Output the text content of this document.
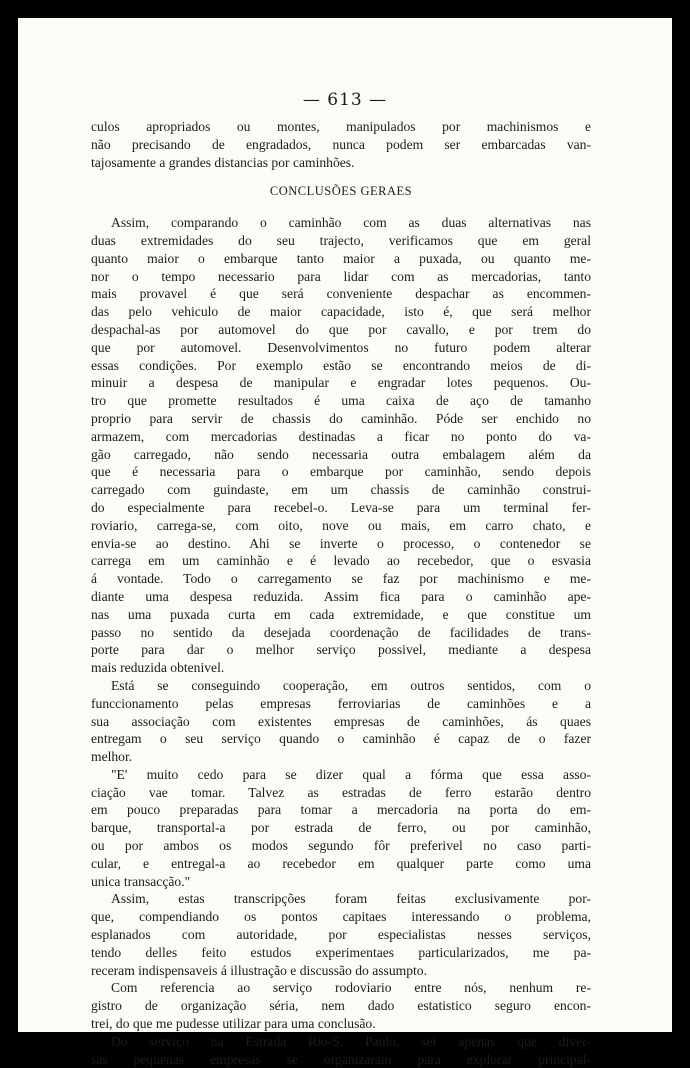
— 613 —
culos apropriados ou montes, manipulados por machinismos e
não precisando de engradados, nunca podem ser embarcadas van-
tajosamente a grandes distancias por caminhões.
CONCLUSÕES GERAES
Assim, comparando o caminhão com as duas alternativas nas
duas extremidades do seu trajecto, verificamos que em geral
quanto maior o embarque tanto maior a puxada, ou quanto me-
nor o tempo necessario para lidar com as mercadorias, tanto
mais provavel é que será conveniente despachar as encommen-
das pelo vehiculo de maior capacidade, isto é, que será melhor
despachal-as por automovel do que por cavallo, e por trem do
que por automovel. Desenvolvimentos no futuro podem alterar
essas condições. Por exemplo estão se encontrando meios de di-
minuir a despesa de manipular e engradar lotes pequenos. Ou-
tro que promette resultados é uma caixa de aço de tamanho
proprio para servir de chassis do caminhão. Póde ser enchido no
armazem, com mercadorias destinadas a ficar no ponto do va-
gão carregado, não sendo necessaria outra embalagem além da
que é necessaria para o embarque por caminhão, sendo depois
carregado com guindaste, em um chassis de caminhão construi-
do especialmente para recebel-o. Leva-se para um terminal fer-
roviario, carrega-se, com oito, nove ou mais, em carro chato, e
envia-se ao destino. Ahi se inverte o processo, o contenedor se
carrega em um caminhão e é levado ao recebedor, que o esvasia
á vontade. Todo o carregamento se faz por machinismo e me-
diante uma despesa reduzida. Assim fica para o caminhão ape-
nas uma puxada curta em cada extremidade, e que constitue um
passo no sentido da desejada coordenação de facilidades de trans-
porte para dar o melhor serviço possivel, mediante a despesa
mais reduzida obtenivel.
Está se conseguindo cooperação, em outros sentidos, com o
funccionamento pelas empresas ferroviarias de caminhões e a
sua associação com existentes empresas de caminhões, ás quaes
entregam o seu serviço quando o caminhão é capaz de o fazer
melhor.
"E' muito cedo para se dizer qual a fórma que essa asso-
ciação vae tomar. Talvez as estradas de ferro estarão dentro
em pouco preparadas para tomar a mercadoria na porta do em-
barque, transportal-a por estrada de ferro, ou por caminhão,
ou por ambos os modos segundo fôr preferivel no caso parti-
cular, e entregal-a ao recebedor em qualquer parte como uma
unica transacção."
Assim, estas transcripções foram feitas exclusivamente por-
que, compendiando os pontos capitaes interessando o problema,
esplanados com autoridade, por especialistas nesses serviços,
tendo delles feito estudos experimentaes particularizados, me pa-
receram indispensaveis á illustração e discussão do assumpto.
Com referencia ao serviço rodoviario entre nós, nenhum re-
gistro de organização séria, nem dado estatistico seguro encon-
trei, do que me pudesse utilizar para uma conclusão.
Do serviço na Estrada Rio-S. Paulo, sei apenas que diver-
sas pequenas empresas se organizaram para explorar principal-
